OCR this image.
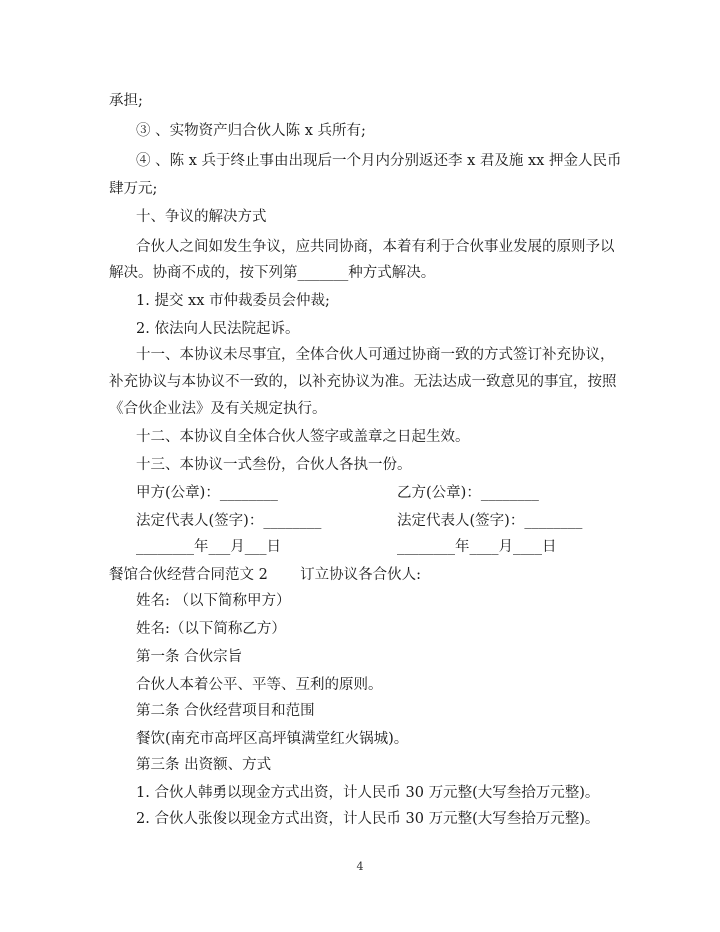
承担;
③ 、实物资产归合伙人陈 x 兵所有;
④ 、陈 x 兵于终止事由出现后一个月内分别返还李 x 君及施 xx 押金人民币
肆万元;
十、争议的解决方式
合伙人之间如发生争议，应共同协商，本着有利于合伙事业发展的原则予以
解决。协商不成的，按下列第_______种方式解决。
1. 提交 xx 市仲裁委员会仲裁;
2. 依法向人民法院起诉。
十一、本协议未尽事宜，全体合伙人可通过协商一致的方式签订补充协议，
补充协议与本协议不一致的，以补充协议为准。无法达成一致意见的事宜，按照
《合伙企业法》及有关规定执行。
十二、本协议自全体合伙人签字或盖章之日起生效。
十三、本协议一式叁份，合伙人各执一份。
甲方(公章)：________	乙方(公章)：________
法定代表人(签字)：________	法定代表人(签字)：________
________年___月___日	________年____月____日
餐馆合伙经营合同范文 2       订立协议各合伙人:
姓名: （以下简称甲方）
姓名:（以下简称乙方）
第一条 合伙宗旨
合伙人本着公平、平等、互利的原则。
第二条 合伙经营项目和范围
餐饮(南充市高坪区高坪镇满堂红火锅城)。
第三条 出资额、方式
1. 合伙人韩勇以现金方式出资，计人民币 30 万元整(大写叁拾万元整)。
2. 合伙人张俊以现金方式出资，计人民币 30 万元整(大写叁拾万元整)。
4
